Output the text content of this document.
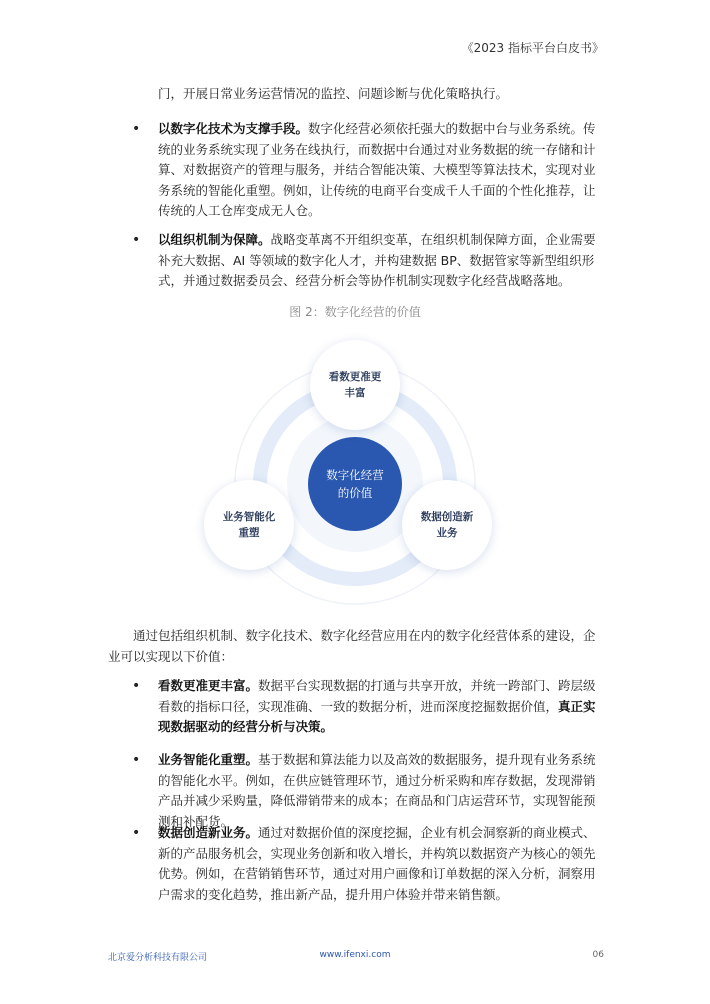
《2023 指标平台白皮书》
门，开展日常业务运营情况的监控、问题诊断与优化策略执行。
• 以数字化技术为支撑手段。数字化经营必须依托强大的数据中台与业务系统。传统的业务系统实现了业务在线执行，而数据中台通过对业务数据的统一存储和计算、对数据资产的管理与服务，并结合智能决策、大模型等算法技术，实现对业务系统的智能化重塑。例如，让传统的电商平台变成千人千面的个性化推荐，让传统的人工仓库变成无人仓。
• 以组织机制为保障。战略变革离不开组织变革，在组织机制保障方面，企业需要补充大数据、AI 等领域的数字化人才，并构建数据 BP、数据管家等新型组织形式，并通过数据委员会、经营分析会等协作机制实现数字化经营战略落地。
图 2：数字化经营的价值
数字化经营
的价值
看数更准更
丰富
业务智能化
重塑
数据创造新
业务
通过包括组织机制、数字化技术、数字化经营应用在内的数字化经营体系的建设，企业可以实现以下价值：
• 看数更准更丰富。数据平台实现数据的打通与共享开放，并统一跨部门、跨层级看数的指标口径，实现准确、一致的数据分析，进而深度挖掘数据价值，真正实现数据驱动的经营分析与决策。
• 业务智能化重塑。基于数据和算法能力以及高效的数据服务，提升现有业务系统的智能化水平。例如，在供应链管理环节，通过分析采购和库存数据，发现滞销产品并减少采购量，降低滞销带来的成本；在商品和门店运营环节，实现智能预测和补配货。
• 数据创造新业务。通过对数据价值的深度挖掘，企业有机会洞察新的商业模式、新的产品服务机会，实现业务创新和收入增长，并构筑以数据资产为核心的领先优势。例如，在营销销售环节，通过对用户画像和订单数据的深入分析，洞察用户需求的变化趋势，推出新产品，提升用户体验并带来销售额。
北京爱分析科技有限公司	www.ifenxi.com	06
